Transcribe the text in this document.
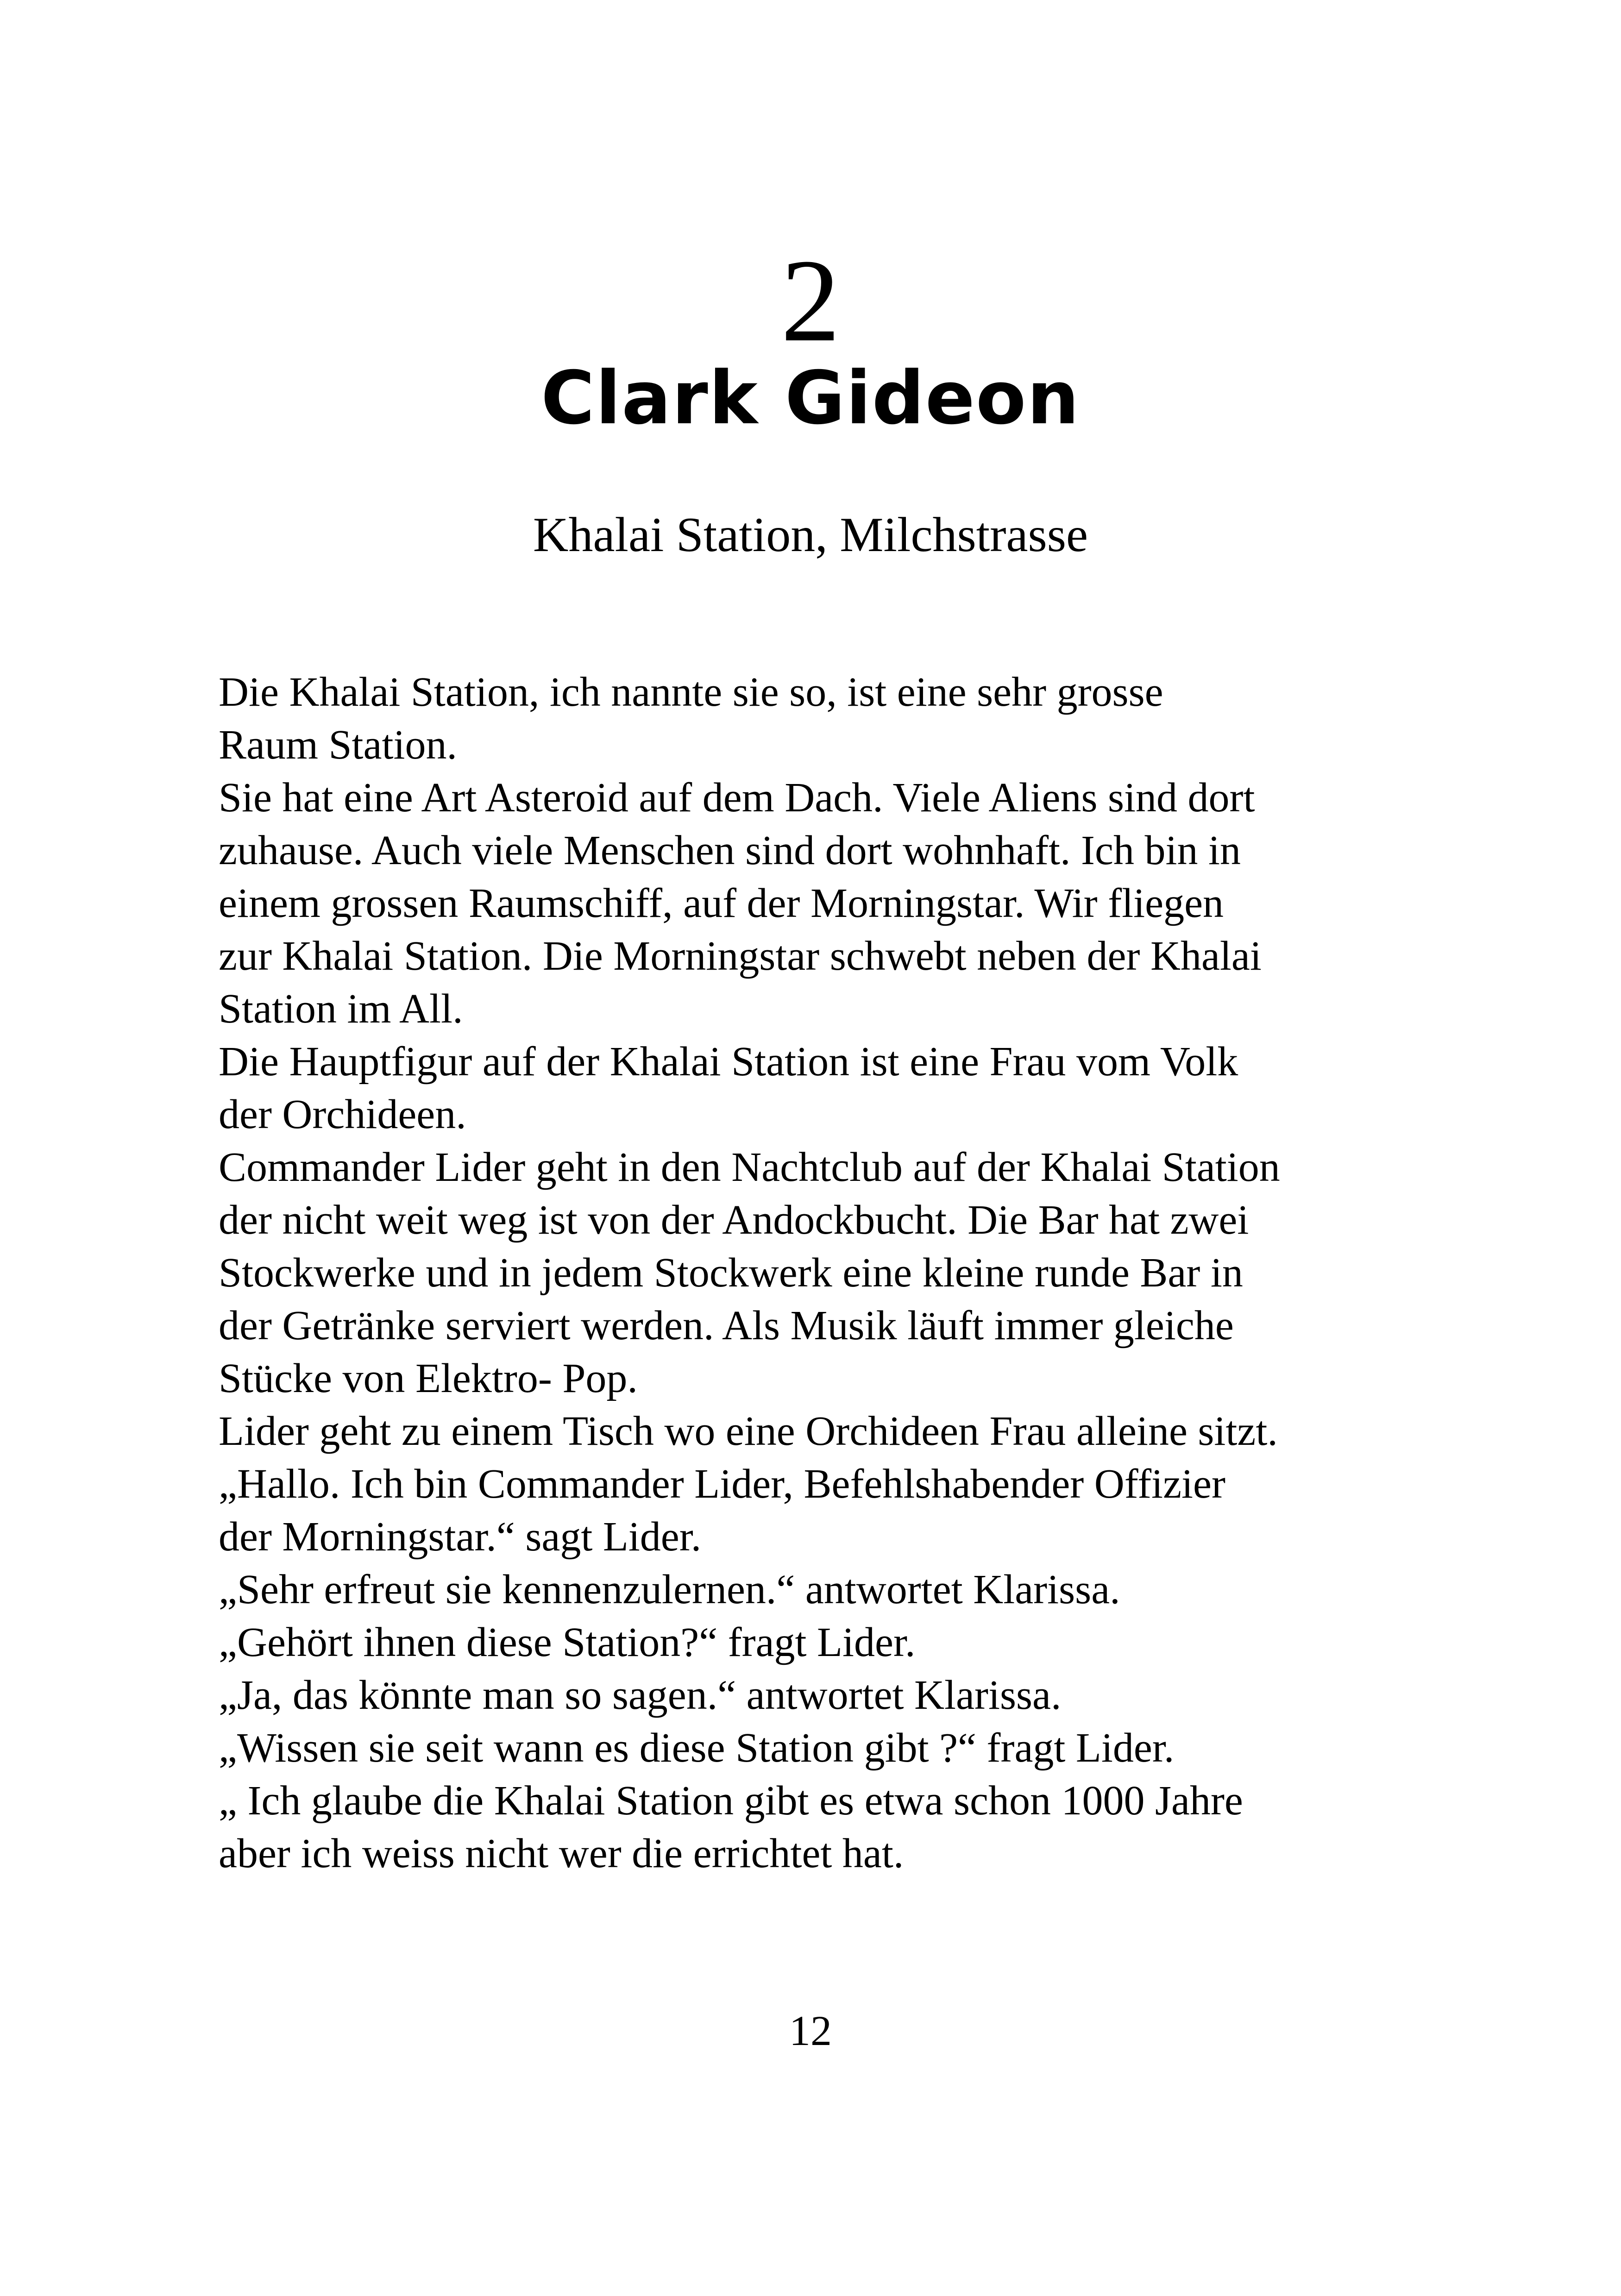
2
Clark Gideon
Khalai Station, Milchstrasse
Die Khalai Station, ich nannte sie so, ist eine sehr grosse
Raum Station.
Sie hat eine Art Asteroid auf dem Dach. Viele Aliens sind dort
zuhause. Auch viele Menschen sind dort wohnhaft. Ich bin in
einem grossen Raumschiff, auf der Morningstar. Wir fliegen
zur Khalai Station. Die Morningstar schwebt neben der Khalai
Station im All.
Die Hauptfigur auf der Khalai Station ist eine Frau vom Volk
der Orchideen.
Commander Lider geht in den Nachtclub auf der Khalai Station
der nicht weit weg ist von der Andockbucht. Die Bar hat zwei
Stockwerke und in jedem Stockwerk eine kleine runde Bar in
der Getränke serviert werden. Als Musik läuft immer gleiche
Stücke von Elektro- Pop.
Lider geht zu einem Tisch wo eine Orchideen Frau alleine sitzt.
„Hallo. Ich bin Commander Lider, Befehlshabender Offizier
der Morningstar.“ sagt Lider.
„Sehr erfreut sie kennenzulernen.“ antwortet Klarissa.
„Gehört ihnen diese Station?“ fragt Lider.
„Ja, das könnte man so sagen.“ antwortet Klarissa.
„Wissen sie seit wann es diese Station gibt ?“ fragt Lider.
„ Ich glaube die Khalai Station gibt es etwa schon 1000 Jahre
aber ich weiss nicht wer die errichtet hat.
12
